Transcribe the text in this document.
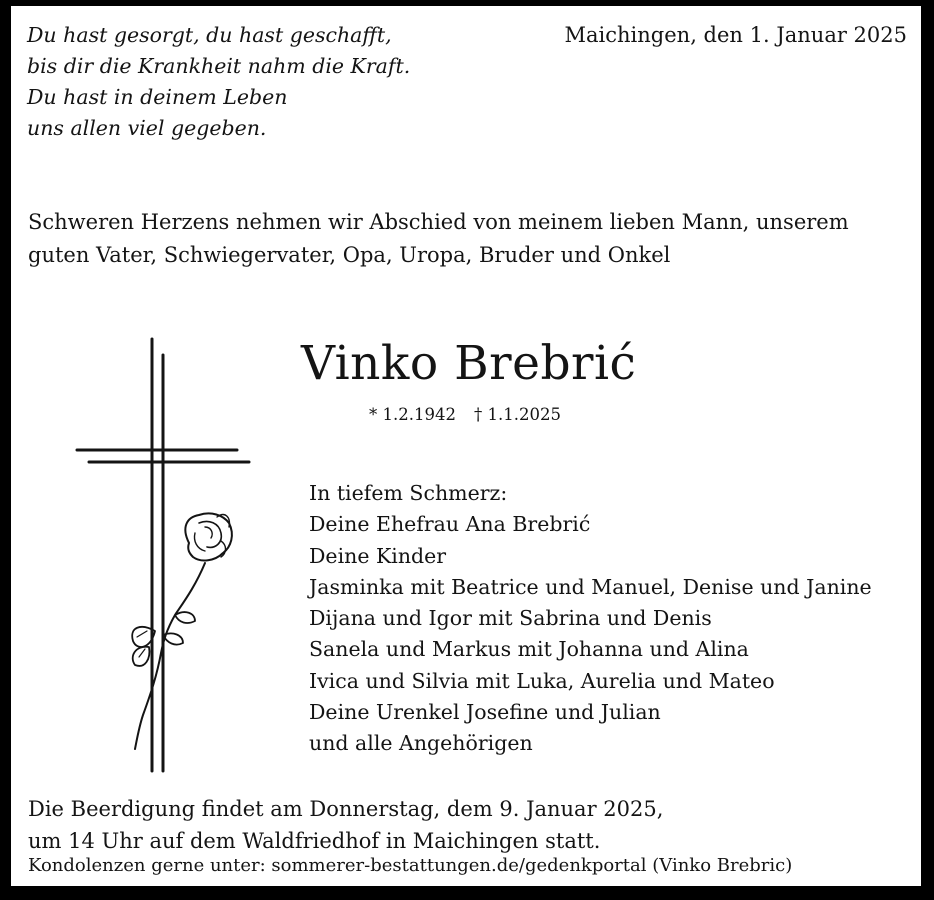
Du hast gesorgt, du hast geschafft,
bis dir die Krankheit nahm die Kraft.
Du hast in deinem Leben
uns allen viel gegeben.
Maichingen, den 1. Januar 2025
Schweren Herzens nehmen wir Abschied von meinem lieben Mann, unserem
guten Vater, Schwiegervater, Opa, Uropa, Bruder und Onkel
Vinko Brebrić
* 1.2.1942 † 1.1.2025
In tiefem Schmerz:
Deine Ehefrau Ana Brebrić
Deine Kinder
Jasminka mit Beatrice und Manuel, Denise und Janine
Dijana und Igor mit Sabrina und Denis
Sanela und Markus mit Johanna und Alina
Ivica und Silvia mit Luka, Aurelia und Mateo
Deine Urenkel Josefine und Julian
und alle Angehörigen
Die Beerdigung findet am Donnerstag, dem 9. Januar 2025,
um 14 Uhr auf dem Waldfriedhof in Maichingen statt.
Kondolenzen gerne unter: sommerer-bestattungen.de/gedenkportal (Vinko Brebric)
